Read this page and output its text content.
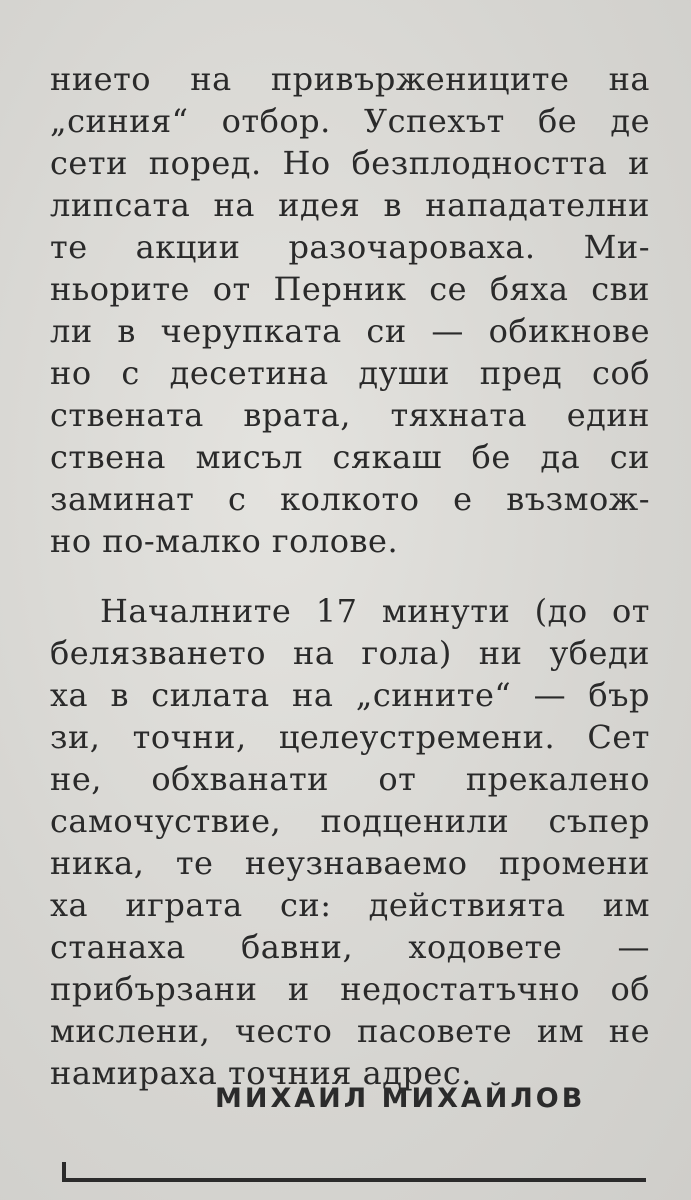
нието на привържениците на
„синия“ отбор. Успехът бе де
сети поред. Но безплодността и
липсата на идея в нападателни
те акции разочароваха. Ми-
ньорите от Перник се бяха сви
ли в черупката си — обикнове
но с десетина души пред соб
ствената врата, тяхната един
ствена мисъл сякаш бе да си
заминат с колкото е възмож-
но по-малко голове.
Началните 17 минути (до от
белязването на гола) ни убеди
ха в силата на „сините“ — бър
зи, точни, целеустремени. Сет
не, обхванати от прекалено
самочуствие, подценили съпер
ника, те неузнаваемо промени
ха играта си: действията им
станаха бавни, ходовете —
прибързани и недостатъчно об
мислени, често пасовете им не
намираха точния адрес.
МИХАИЛ МИХАЙЛОВ
